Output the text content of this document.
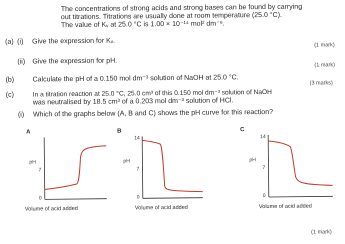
The concentrations of strong acids and strong bases can be found by carrying
out titrations. Titrations are usually done at room temperature (25.0 °C).
The value of Kᵥ at 25.0 °C is 1.00 × 10⁻¹⁴ mol² dm⁻⁶.
(a) (i) Give the expression for Kᵥ.	(1 mark)
(ii) Give the expression for pH.	(1 mark)
(b)	Calculate the pH of a 0.150 mol dm⁻³ solution of NaOH at 25.0 °C.	(3 marks)
(c)	In a titration reaction at 25.0 °C, 25.0 cm³ of this 0.150 mol dm⁻³ solution of NaOH
was neutralised by 18.5 cm³ of a 0.203 mol dm⁻³ solution of HCl.
(i) Which of the graphs below (A, B and C) shows the pH curve for this reaction?
A
pH
7
0
Volume of acid added
B
14
pH
7
0
Volume of acid added
C
14
pH
7
0
Volume of acid added
(1 mark)
